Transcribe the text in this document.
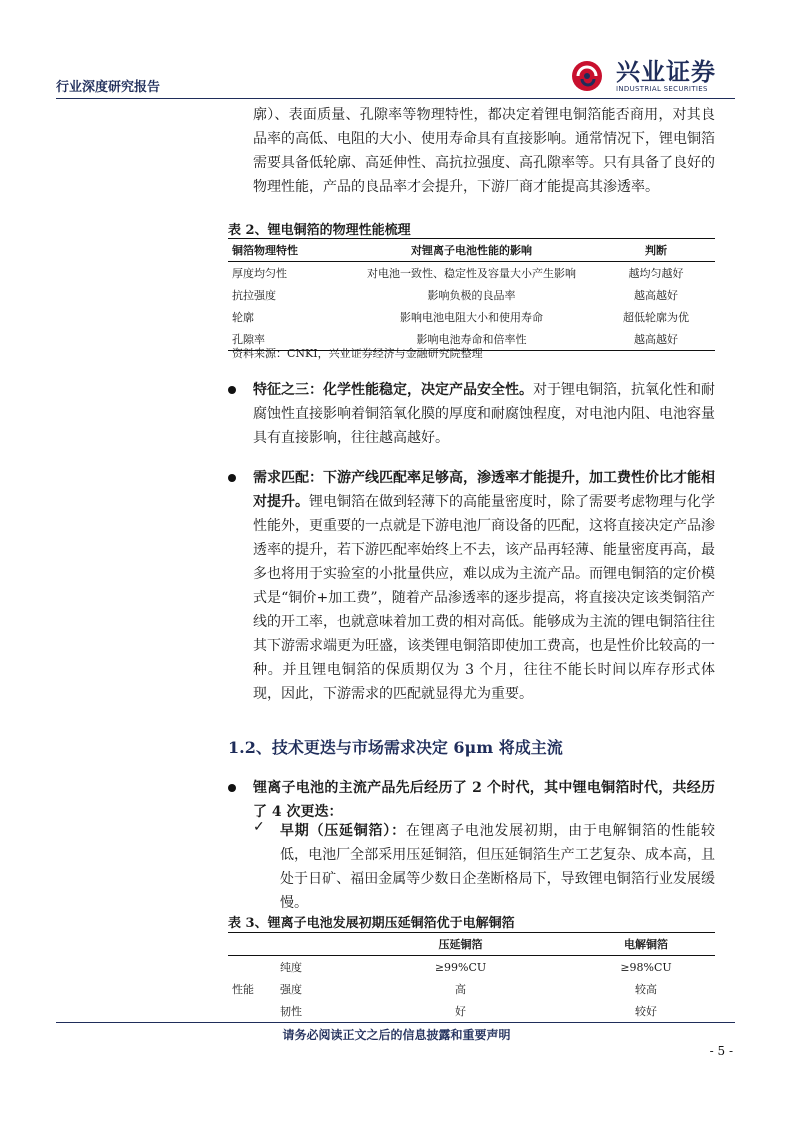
行业深度研究报告
兴业证券
INDUSTRIAL SECURITIES

廓）、表面质量、孔隙率等物理特性，都决定着锂电铜箔能否商用，对其良品率的高低、电阻的大小、使用寿命具有直接影响。通常情况下，锂电铜箔需要具备低轮廓、高延伸性、高抗拉强度、高孔隙率等。只有具备了良好的物理性能，产品的良品率才会提升，下游厂商才能提高其渗透率。

表 2、锂电铜箔的物理性能梳理
铜箔物理特性	对锂离子电池性能的影响	判断
厚度均匀性	对电池一致性、稳定性及容量大小产生影响	越均匀越好
抗拉强度	影响负极的良品率	越高越好
轮廓	影响电池电阻大小和使用寿命	超低轮廓为优
孔隙率	影响电池寿命和倍率性	越高越好
资料来源：CNKI，兴业证券经济与金融研究院整理

特征之三：化学性能稳定，决定产品安全性。对于锂电铜箔，抗氧化性和耐腐蚀性直接影响着铜箔氧化膜的厚度和耐腐蚀程度，对电池内阻、电池容量具有直接影响，往往越高越好。

需求匹配：下游产线匹配率足够高，渗透率才能提升，加工费性价比才能相对提升。锂电铜箔在做到轻薄下的高能量密度时，除了需要考虑物理与化学性能外，更重要的一点就是下游电池厂商设备的匹配，这将直接决定产品渗透率的提升，若下游匹配率始终上不去，该产品再轻薄、能量密度再高，最多也将用于实验室的小批量供应，难以成为主流产品。而锂电铜箔的定价模式是“铜价+加工费”，随着产品渗透率的逐步提高，将直接决定该类铜箔产线的开工率，也就意味着加工费的相对高低。能够成为主流的锂电铜箔往往其下游需求端更为旺盛，该类锂电铜箔即使加工费高，也是性价比较高的一种。并且锂电铜箔的保质期仅为 3 个月，往往不能长时间以库存形式体现，因此，下游需求的匹配就显得尤为重要。

1.2、技术更迭与市场需求决定 6μm 将成主流

锂离子电池的主流产品先后经历了 2 个时代，其中锂电铜箔时代，共经历了 4 次更迭：

✓ 早期（压延铜箔）：在锂离子电池发展初期，由于电解铜箔的性能较低，电池厂全部采用压延铜箔，但压延铜箔生产工艺复杂、成本高，且处于日矿、福田金属等少数日企垄断格局下，导致锂电铜箔行业发展缓慢。

表 3、锂离子电池发展初期压延铜箔优于电解铜箔
		压延铜箔	电解铜箔
性能	纯度	≥99%CU	≥98%CU
	强度	高	较高
	韧性	好	较好
请务必阅读正文之后的信息披露和重要声明
- 5 -
